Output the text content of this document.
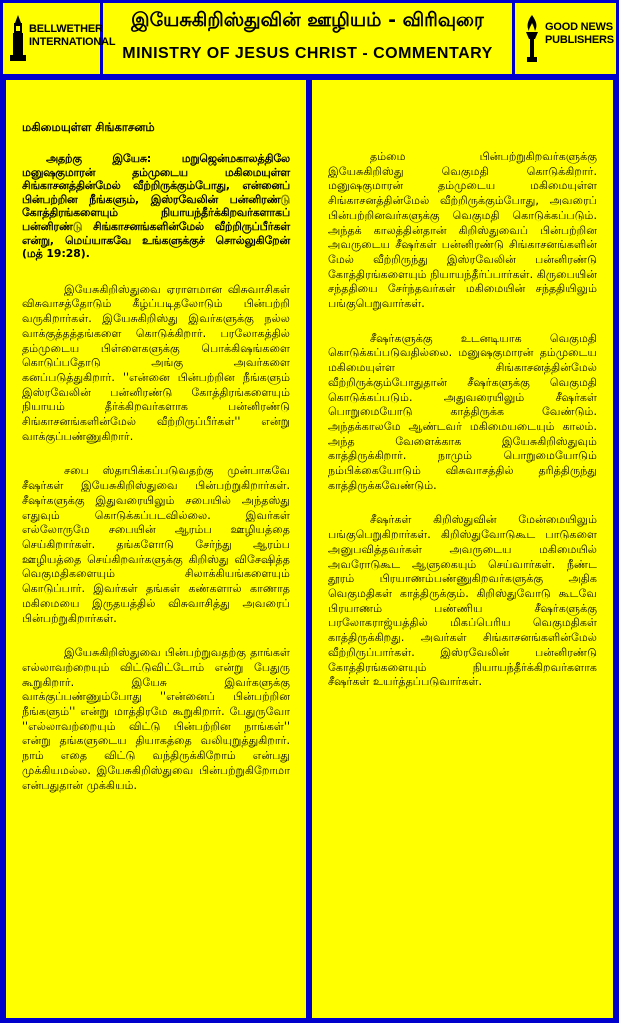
BELLWETHER
INTERNATIONAL
இயேசுகிறிஸ்துவின் ஊழியம் - விரிவுரை
MINISTRY OF JESUS CHRIST - COMMENTARY
GOOD NEWS
PUBLISHERS
மகிமையுள்ள சிங்காசனம்
அதற்கு இயேசு: மறுஜென்மகாலத்திலே மனுஷகுமாரன் தம்முடைய மகிமையுள்ள சிங்காசனத்தின்மேல் வீற்றிருக்கும்போது, என்னைப் பின்பற்றின நீங்களும், இஸ்ரவேலின் பன்னிரண்டு கோத்திரங்களையும் நியாயந்தீர்க்கிறவர்களாகப் பன்னிரண்டு சிங்காசனங்களின்மேல் வீற்றிருப்பீர்கள் என்று, மெய்யாகவே உங்களுக்குச் சொல்லுகிறேன் (மத் 19:28).
இயேசுகிறிஸ்துவை ஏராளமான விசுவாசிகள் விசுவாசத்தோடும் கீழ்ப்படிதலோடும் பின்பற்றி வருகிறார்கள். இயேசுகிறிஸ்து இவர்களுக்கு நல்ல வாக்குத்தத்தங்களை கொடுக்கிறார். பரலோகத்தில் தம்முடைய பிள்ளைகளுக்கு பொக்கிஷங்களை கொடுப்பதோடு அங்கு அவர்களை கனப்படுத்துகிறார். ''என்னை பின்பற்றின நீங்களும் இஸ்ரவேலின் பன்னிரண்டு கோத்திரங்களையும் நியாயம் தீர்க்கிறவர்களாக பன்னிரண்டு சிங்காசனங்களின்மேல் வீற்றிருப்பீர்கள்'' என்று வாக்குப்பண்ணுகிறார்.
சபை ஸ்தாபிக்கப்படுவதற்கு முன்பாகவே சீஷர்கள் இயேசுகிறிஸ்துவை பின்பற்றுகிறார்கள். சீஷர்களுக்கு இதுவரையிலும் சபையில் அந்தஸ்து எதுவும் கொடுக்கப்படவில்லை. இவர்கள் எல்லோருமே சபையின் ஆரம்ப ஊழியத்தை செய்கிறார்கள். தங்களோடு சேர்ந்து ஆரம்ப ஊழியத்தை செய்கிறவர்களுக்கு கிறிஸ்து விசேஷித்த வெகுமதிகளையும் சிலாக்கியங்களையும் கொடுப்பார். இவர்கள் தங்கள் கண்களால் காணாத மகிமையை இருதயத்தில் விசுவாசித்து அவரைப் பின்பற்றுகிறார்கள்.
இயேசுகிறிஸ்துவை பின்பற்றுவதற்கு தாங்கள் எல்லாவற்றையும் விட்டுவிட்டோம் என்று பேதுரு கூறுகிறார். இயேசு இவர்களுக்கு வாக்குப்பண்ணும்போது ''என்னைப் பின்பற்றின நீங்களும்'' என்று மாத்திரமே கூறுகிறார். பேதுருவோ ''எல்லாவற்றையும் விட்டு பின்பற்றின நாங்கள்'' என்று தங்களுடைய தியாகத்தை வலியுறுத்துகிறார். நாம் எதை விட்டு வந்திருக்கிறோம் என்பது முக்கியமல்ல. இயேசுகிறிஸ்துவை பின்பற்றுகிறோமா என்பதுதான் முக்கியம்.
தம்மை பின்பற்றுகிறவர்களுக்கு இயேசுகிறிஸ்து வெகுமதி கொடுக்கிறார். மனுஷகுமாரன் தம்முடைய மகிமையுள்ள சிங்காசனத்தின்மேல் வீற்றிருக்கும்போது, அவரைப் பின்பற்றினவர்களுக்கு வெகுமதி கொடுக்கப்படும். அந்தக் காலத்தின்தான் கிறிஸ்துவைப் பின்பற்றின அவருடைய சீஷர்கள் பன்னிரண்டு சிங்காசனங்களின் மேல் வீற்றிருந்து இஸ்ரவேலின் பன்னிரண்டு கோத்திரங்களையும் நியாயந்தீர்ப்பார்கள். கிருபையின் சந்ததியை சேர்ந்தவர்கள் மகிமையின் சந்ததியிலும் பங்குபெறுவார்கள்.
சீஷர்களுக்கு உடனடியாக வெகுமதி கொடுக்கப்படுவதில்லை. மனுஷகுமாரன் தம்முடைய மகிமையுள்ள சிங்காசனத்தின்மேல் வீற்றிருக்கும்போதுதான் சீஷர்களுக்கு வெகுமதி கொடுக்கப்படும். அதுவரையிலும் சீஷர்கள் பொறுமையோடு காத்திருக்க வேண்டும். அந்தக்காலமே ஆண்டவர் மகிமையடையும் காலம். அந்த வேளைக்காக இயேசுகிறிஸ்துவும் காத்திருக்கிறார். நாமும் பொறுமையோடும் நம்பிக்கையோடும் விசுவாசத்தில் தரித்திருந்து காத்திருக்கவேண்டும்.
சீஷர்கள் கிறிஸ்துவின் மேன்மையிலும் பங்குபெறுகிறார்கள். கிறிஸ்துவோடுகூட பாடுகளை அனுபவித்தவர்கள் அவருடைய மகிமையில் அவரோடுகூட ஆளுகையும் செய்வார்கள். நீண்ட தூரம் பிரயாணம்பண்ணுகிறவர்களுக்கு அதிக வெகுமதிகள் காத்திருக்கும். கிறிஸ்துவோடு கூடவே பிரயாணம் பண்ணிய சீஷர்களுக்கு பரலோகராஜ்யத்தில் மிகப்பெரிய வெகுமதிகள் காத்திருக்கிறது. அவர்கள் சிங்காசனங்களின்மேல் வீற்றிருப்பார்கள். இஸ்ரவேலின் பன்னிரண்டு கோத்திரங்களையும் நியாயந்தீர்க்கிறவர்களாக சீஷர்கள் உயர்த்தப்படுவார்கள்.
